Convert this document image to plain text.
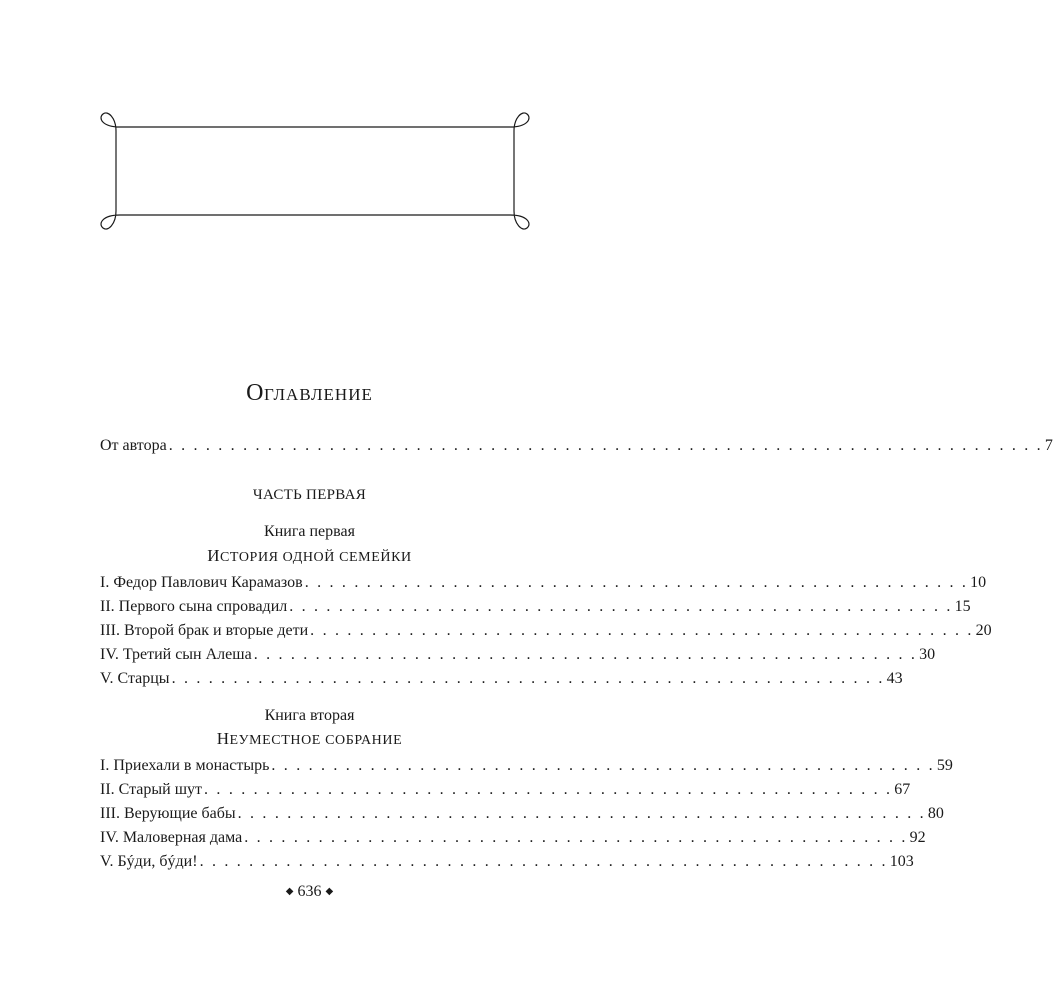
ОГЛАВЛЕНИЕ
От автора . . . . . . . . . . . . . . . . . . . . . . . . . . . . . . . . . . . . . . . . . . . . . . . . . . . . . . . . . . . . . . . . . . . . . . . 7
ЧАСТЬ ПЕРВАЯ
Книга первая
ИСТОРИЯ ОДНОЙ СЕМЕЙКИ
I. Федор Павлович Карамазов . . . . . . . . . . . . . . . . . . . . . . . . . . . . . . . . . . . . . . . . . . . . . . . . . . . . . . 10
II. Первого сына спровадил . . . . . . . . . . . . . . . . . . . . . . . . . . . . . . . . . . . . . . . . . . . . . . . . . . . . . . 15
III. Второй брак и вторые дети . . . . . . . . . . . . . . . . . . . . . . . . . . . . . . . . . . . . . . . . . . . . . . . . . . . . . . 20
IV. Третий сын Алеша . . . . . . . . . . . . . . . . . . . . . . . . . . . . . . . . . . . . . . . . . . . . . . . . . . . . . . 30
V. Старцы . . . . . . . . . . . . . . . . . . . . . . . . . . . . . . . . . . . . . . . . . . . . . . . . . . . . . . . . . . 43
Книга вторая
НЕУМЕСТНОЕ СОБРАНИЕ
I. Приехали в монастырь . . . . . . . . . . . . . . . . . . . . . . . . . . . . . . . . . . . . . . . . . . . . . . . . . . . . . . 59
II. Старый шут . . . . . . . . . . . . . . . . . . . . . . . . . . . . . . . . . . . . . . . . . . . . . . . . . . . . . . . . 67
III. Верующие бабы . . . . . . . . . . . . . . . . . . . . . . . . . . . . . . . . . . . . . . . . . . . . . . . . . . . . . . . . 80
IV. Маловерная дама . . . . . . . . . . . . . . . . . . . . . . . . . . . . . . . . . . . . . . . . . . . . . . . . . . . . . . 92
V. Бýди, бýди! . . . . . . . . . . . . . . . . . . . . . . . . . . . . . . . . . . . . . . . . . . . . . . . . . . . . . . . . 103
◆ 636 ◆
